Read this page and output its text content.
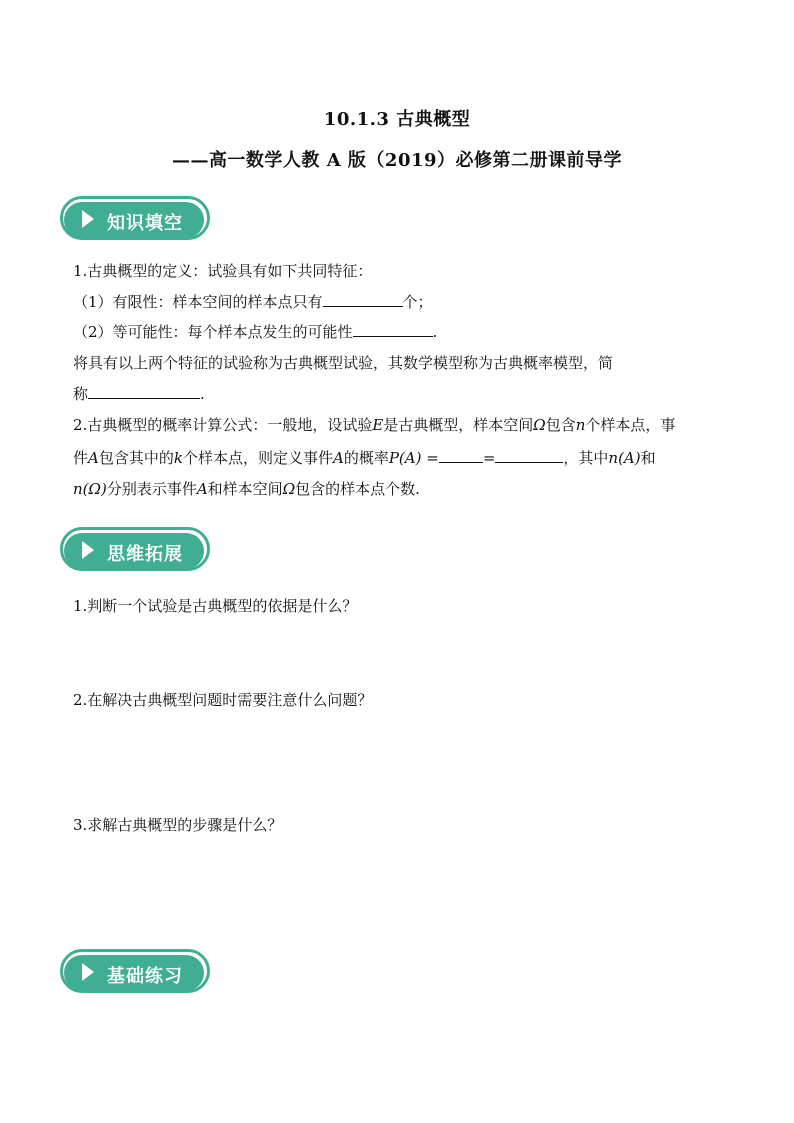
10.1.3 古典概型
——高一数学人教 A 版（2019）必修第二册课前导学
知识填空
1.古典概型的定义：试验具有如下共同特征：
（1）有限性：样本空间的样本点只有	个；
（2）等可能性：每个样本点发生的可能性	.
将具有以上两个特征的试验称为古典概型试验，其数学模型称为古典概率模型，简
称	.
2.古典概型的概率计算公式：一般地，设试验E是古典概型，样本空间Ω包含n个样本点，事
件A包含其中的k个样本点，则定义事件A的概率P(A) =	=	，其中n(A)和
n(Ω)分别表示事件A和样本空间Ω包含的样本点个数.
思维拓展
1.判断一个试验是古典概型的依据是什么？
2.在解决古典概型问题时需要注意什么问题？
3.求解古典概型的步骤是什么？
基础练习
